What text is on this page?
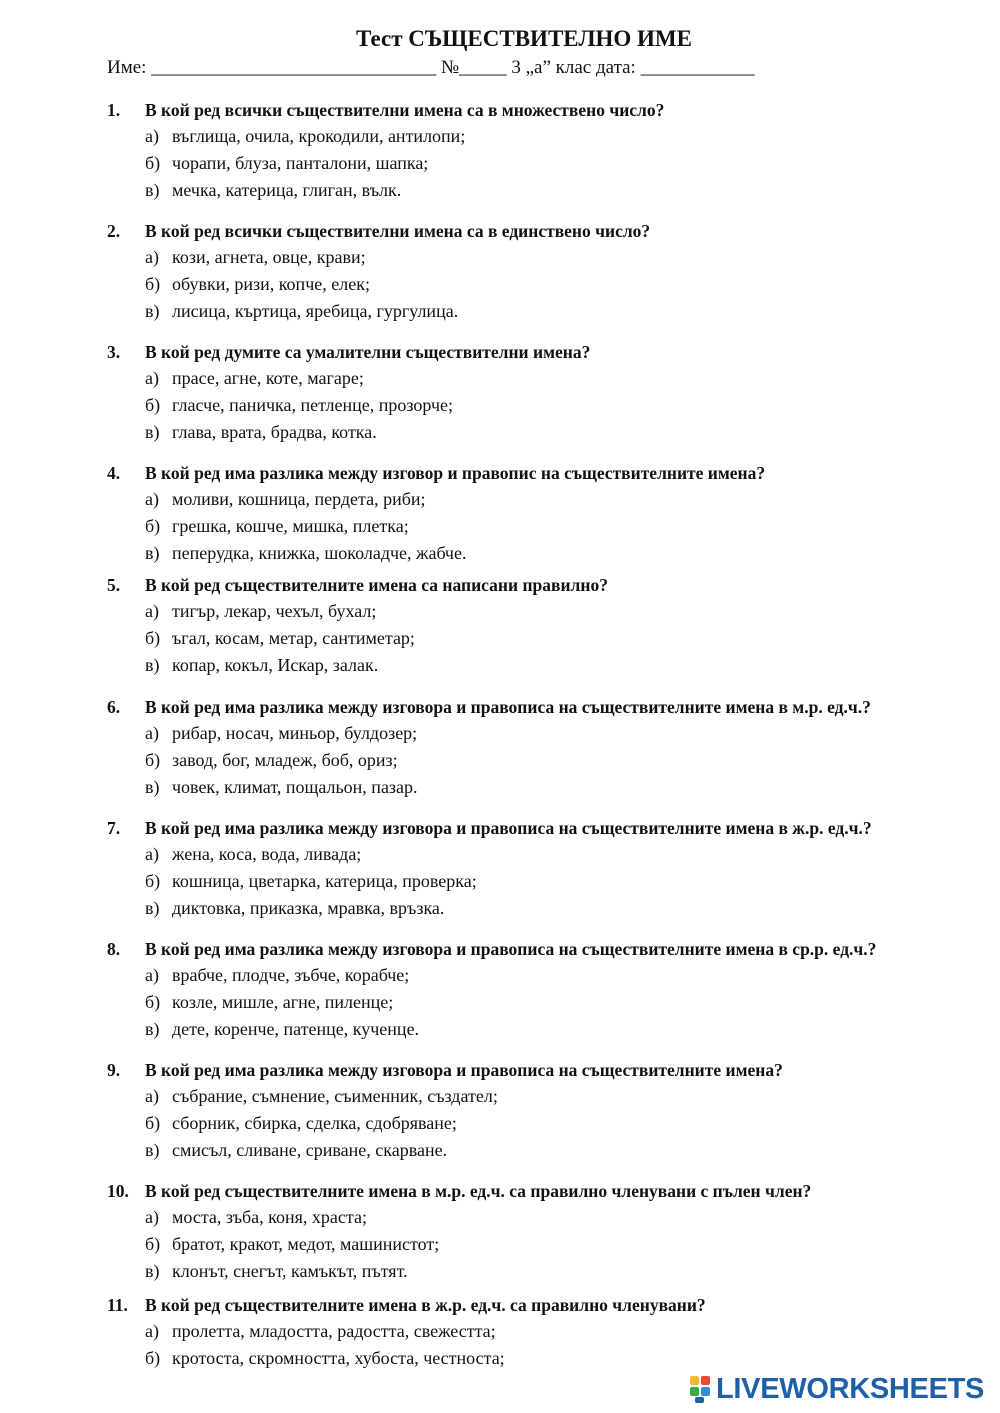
Тест СЪЩЕСТВИТЕЛНО ИМЕ
Име: ______________________________ №_____ 3 „а” клас дата: ____________
1.	В кой ред всички съществителни имена са в множествено число?
а) въглища, очила, крокодили, антилопи;
б) чорапи, блуза, панталони, шапка;
в) мечка, катерица, глиган, вълк.
2.	В кой ред всички съществителни имена са в единствено число?
а) кози, агнета, овце, крави;
б) обувки, ризи, копче, елек;
в) лисица, къртица, яребица, гургулица.
3.	В кой ред думите са умалителни съществителни имена?
а) прасе, агне, коте, магаре;
б) гласче, паничка, петленце, прозорче;
в) глава, врата, брадва, котка.
4.	В кой ред има разлика между изговор и правопис на съществителните имена?
а) моливи, кошница, пердета, риби;
б) грешка, кошче, мишка, плетка;
в) пеперудка, книжка, шоколадче, жабче.
5.	В кой ред съществителните имена са написани правилно?
а) тигър, лекар, чехъл, бухал;
б) ъгал, косам, метар, сантиметар;
в) копар, кокъл, Искар, залак.
6.	В кой ред има разлика между изговора и правописа на съществителните имена в м.р. ед.ч.?
а) рибар, носач, миньор, булдозер;
б) завод, бог, младеж, боб, ориз;
в) човек, климат, пощальон, пазар.
7.	В кой ред има разлика между изговора и правописа на съществителните имена в ж.р. ед.ч.?
а) жена, коса, вода, ливада;
б) кошница, цветарка, катерица, проверка;
в) диктовка, приказка, мравка, връзка.
8.	В кой ред има разлика между изговора и правописа на съществителните имена в ср.р. ед.ч.?
а) врабче, плодче, зъбче, корабче;
б) козле, мишле, агне, пиленце;
в) дете, коренче, патенце, кученце.
9.	В кой ред има разлика между изговора и правописа на съществителните имена?
а) събрание, съмнение, съименник, създател;
б) сборник, сбирка, сделка, сдобряване;
в) смисъл, сливане, сриване, скарване.
10. В кой ред съществителните имена в м.р. ед.ч. са правилно членувани с пълен член?
а) моста, зъба, коня, храста;
б) братот, кракот, медот, машинистот;
в) клонът, снегът, камъкът, пътят.
11. В кой ред съществителните имена в ж.р. ед.ч. са правилно членувани?
а) пролетта, младостта, радостта, свежестта;
б) кротоста, скромността, хубоста, честноста;
LIVEWORKSHEETS
